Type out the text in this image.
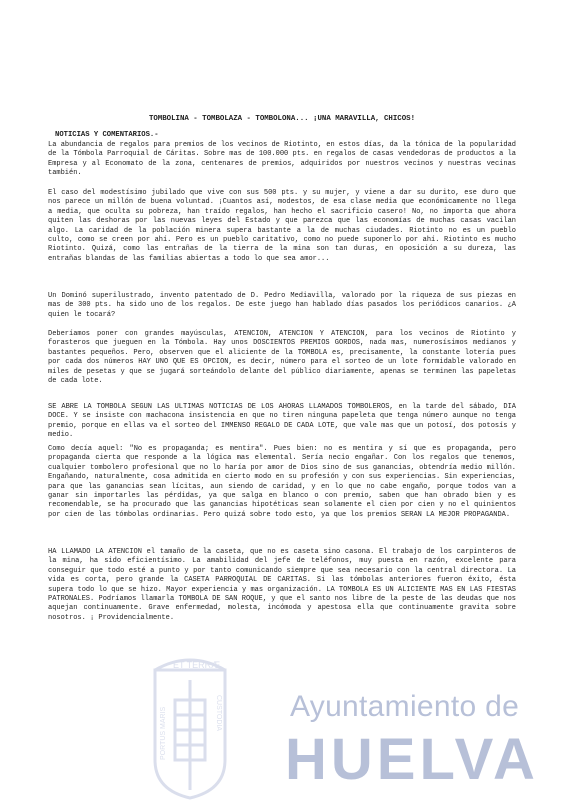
TOMBOLINA - TOMBOLAZA - TOMBOLONA... ¡UNA MARAVILLA, CHICOS!
NOTICIAS Y COMENTARIOS.-

La abundancia de regalos para premios de los vecinos de Riotinto, en estos días, da la tónica de la popularidad de la Tómbola Parroquial de Cáritas. Sobre mas de 100.000 pts. en regalos de casas vendedoras de productos a la Empresa y al Economato de la zona, centenares de premios, adquiridos por nuestros vecinos y nuestras vecinas también.

El caso del modestísimo jubilado que vive con sus 500 pts. y su mujer, y viene a dar su durito, ese duro que nos parece un millón de buena voluntad. ¡Cuantos así, modestos, de esa clase media que económicamente no llega a media, que oculta su pobreza, han traído regalos, han hecho el sacrificio casero! No, no importa que ahora quiten las deshoras por las nuevas leyes del Estado y que parezca que las economías de muchas casas vacilan algo. La caridad de la población minera supera bastante a la de muchas ciudades. Riotinto no es un pueblo culto, como se creen por ahí. Pero es un pueblo caritativo, como no puede suponerlo por ahí. Riotinto es mucho Riotinto. Quizá, como las entrañas de la tierra de la mina son tan duras, en oposición a su dureza, las entrañas blandas de las familias abiertas a todo lo que sea amor...

Un Dominó superilustrado, invento patentado de D. Pedro Mediavilla, valorado por la riqueza de sus piezas en mas de 300 pts. ha sido uno de los regalos. De este juego han hablado días pasados los periódicos canarios. ¿A quien le tocará?

Deberíamos poner con grandes mayúsculas, ATENCION, ATENCION Y ATENCION, para los vecinos de Riotinto y forasteros que jueguen en la Tómbola. Hay unos DOSCIENTOS PREMIOS GORDOS, nada mas, numerosísimos medianos y bastantes pequeños. Pero, observen que el aliciente de la TOMBOLA es, precisamente, la constante lotería pues por cada dos números HAY UNO QUE ES OPCION, es decir, número para el sorteo de un lote formidable valorado en miles de pesetas y que se jugará sorteándolo delante del público diariamente, apenas se terminen las papeletas de cada lote.

SE ABRE LA TOMBOLA SEGUN LAS ULTIMAS NOTICIAS DE LOS AHORAS LLAMADOS TOMBOLEROS, en la tarde del sábado, DIA DOCE. Y se insiste con machacona insistencia en que no tiren ninguna papeleta que tenga número aunque no tenga premio, porque en ellas va el sorteo del IMMENSO REGALO DE CADA LOTE, que vale mas que un potosí, dos potosís y medio.

Como decía aquel: "No es propaganda; es mentira". Pues bien: no es mentira y sí que es propaganda, pero propaganda cierta que responde a la lógica mas elemental. Sería necio engañar. Con los regalos que tenemos, cualquier tombolero profesional que no lo haría por amor de Dios sino de sus ganancias, obtendría medio millón. Engañando, naturalmente, cosa admitida en cierto modo en su profesión y con sus experiencias. Sin experiencias, para que las ganancias sean lícitas, aun siendo de caridad, y en lo que no cabe engaño, porque todos van a ganar sin importarles las pérdidas, ya que salga en blanco o con premio, saben que han obrado bien y es recomendable, se ha procurado que las ganancias hipotéticas sean solamente el cien por cien y no el quinientos por cien de las tómbolas ordinarias. Pero quizá sobre todo esto, ya que los premios SERAN LA MEJOR PROPAGANDA.

HA LLAMADO LA ATENCION el tamaño de la caseta, que no es caseta sino casona. El trabajo de los carpinteros de la mina, ha sido eficientísimo. La amabilidad del jefe de teléfonos, muy puesta en razón, excelente para conseguir que todo esté a punto y por tanto comunicando siempre que sea necesario con la central directora. La vida es corta, pero grande la CASETA PARROQUIAL DE CARITAS. Si las tómbolas anteriores fueron éxito, ésta supera todo lo que se hizo. Mayor experiencia y mas organización. LA TOMBOLA ES UN ALICIENTE MAS EN LAS FIESTAS PATRONALES. Podríamos llamarla TOMBOLA DE SAN ROQUE, y que el santo nos libre de la peste de las deudas que nos aquejan continuamente. Grave enfermedad, molesta, incómoda y apestosa ella que continuamente gravita sobre nosotros. ¡ Providencialmente.

ET TERRÆ
PORTUS MARIS	CUSTODIA Ayuntamiento de
HUELVA
